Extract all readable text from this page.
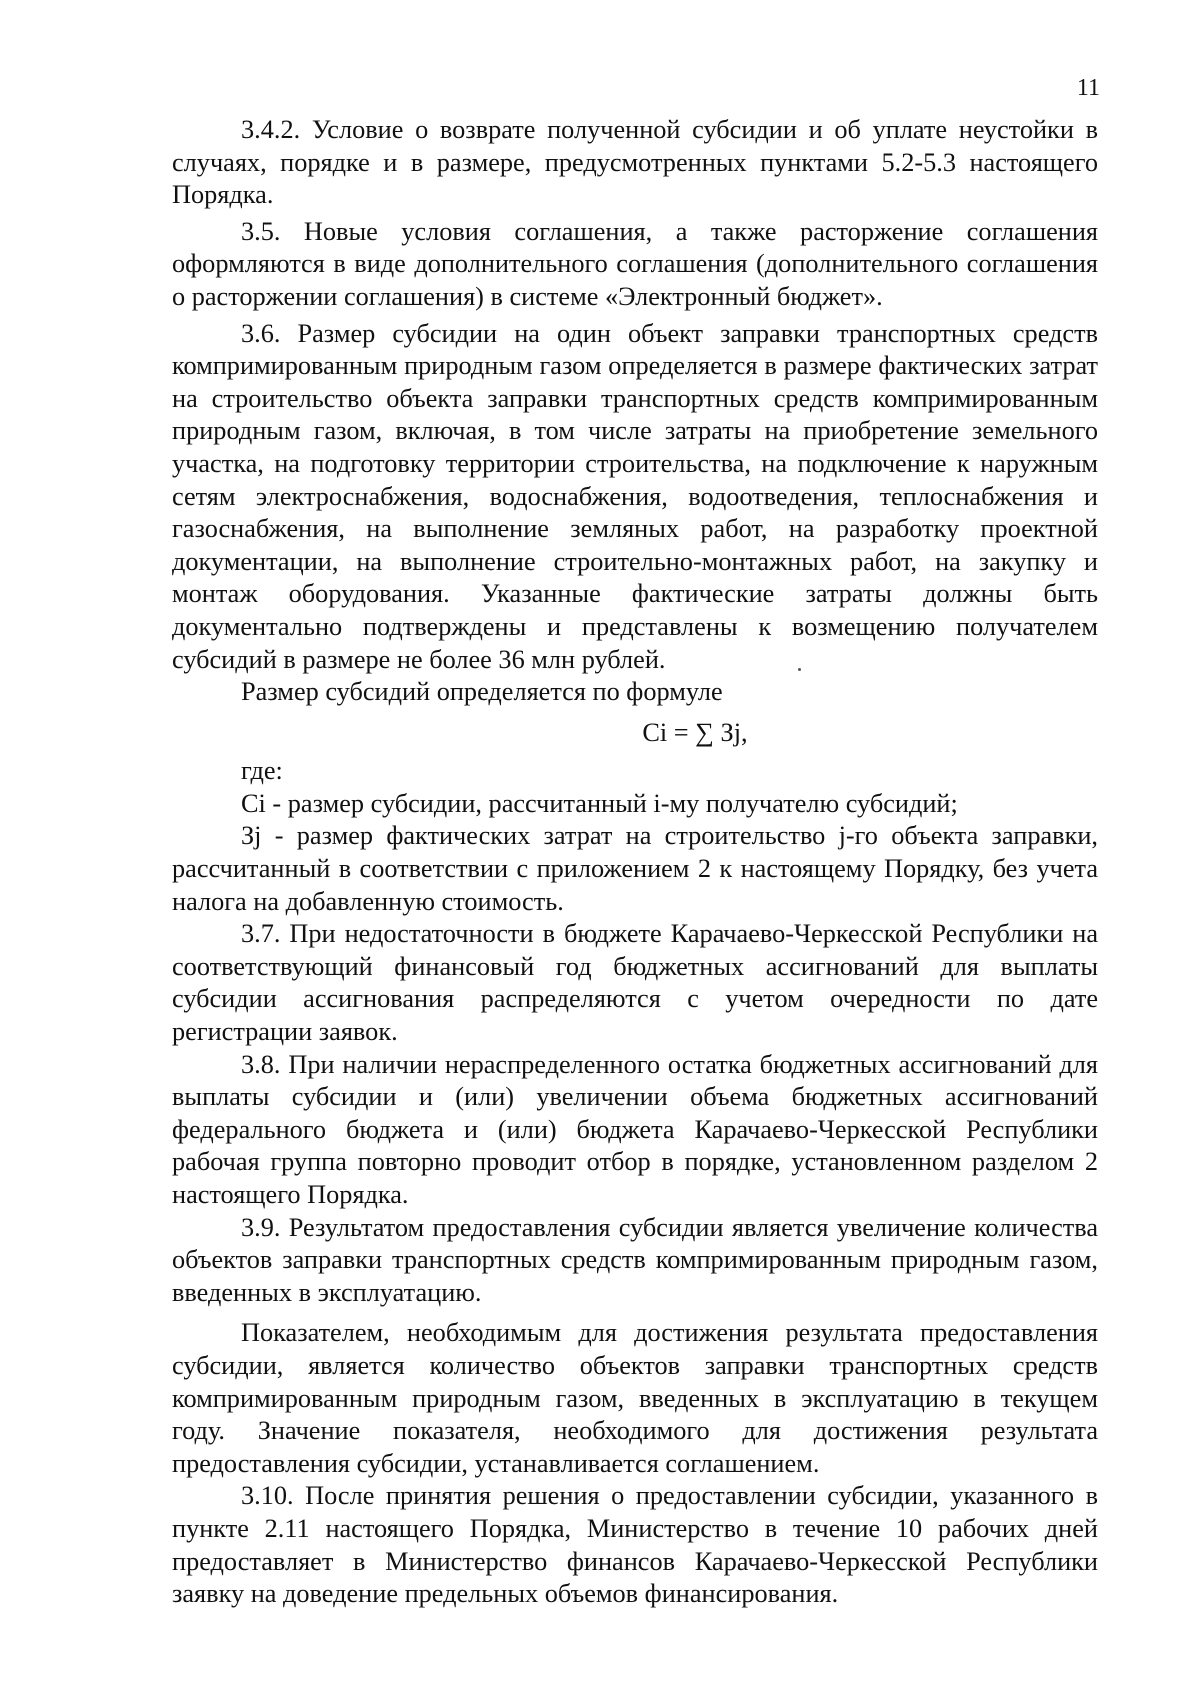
11

3.4.2. Условие о возврате полученной субсидии и об уплате неустойки в случаях, порядке и в размере, предусмотренных пунктами 5.2-5.3 настоящего Порядка.

3.5. Новые условия соглашения, а также расторжение соглашения оформляются в виде дополнительного соглашения (дополнительного соглашения о расторжении соглашения) в системе «Электронный бюджет».

3.6. Размер субсидии на один объект заправки транспортных средств компримированным природным газом определяется в размере фактических затрат на строительство объекта заправки транспортных средств компримированным природным газом, включая, в том числе затраты на приобретение земельного участка, на подготовку территории строительства, на подключение к наружным сетям электроснабжения, водоснабжения, водоотведения, теплоснабжения и газоснабжения, на выполнение земляных работ, на разработку проектной документации, на выполнение строительно-монтажных работ, на закупку и монтаж оборудования. Указанные фактические затраты должны быть документально подтверждены и представлены к возмещению получателем субсидий в размере не более 36 млн рублей.

Размер субсидий определяется по формуле

Сi = ∑ Зj,

где:

Сi - размер субсидии, рассчитанный i-му получателю субсидий;

Зj - размер фактических затрат на строительство j-го объекта заправки, рассчитанный в соответствии с приложением 2 к настоящему Порядку, без учета налога на добавленную стоимость.

3.7. При недостаточности в бюджете Карачаево-Черкесской Республики на соответствующий финансовый год бюджетных ассигнований для выплаты субсидии ассигнования распределяются с учетом очередности по дате регистрации заявок.

3.8. При наличии нераспределенного остатка бюджетных ассигнований для выплаты субсидии и (или) увеличении объема бюджетных ассигнований федерального бюджета и (или) бюджета Карачаево-Черкесской Республики рабочая группа повторно проводит отбор в порядке, установленном разделом 2 настоящего Порядка.

3.9. Результатом предоставления субсидии является увеличение количества объектов заправки транспортных средств компримированным природным газом, введенных в эксплуатацию.

Показателем, необходимым для достижения результата предоставления субсидии, является количество объектов заправки транспортных средств компримированным природным газом, введенных в эксплуатацию в текущем году. Значение показателя, необходимого для достижения результата предоставления субсидии, устанавливается соглашением.

3.10. После принятия решения о предоставлении субсидии, указанного в пункте 2.11 настоящего Порядка, Министерство в течение 10 рабочих дней предоставляет в Министерство финансов Карачаево-Черкесской Республики заявку на доведение предельных объемов финансирования.
